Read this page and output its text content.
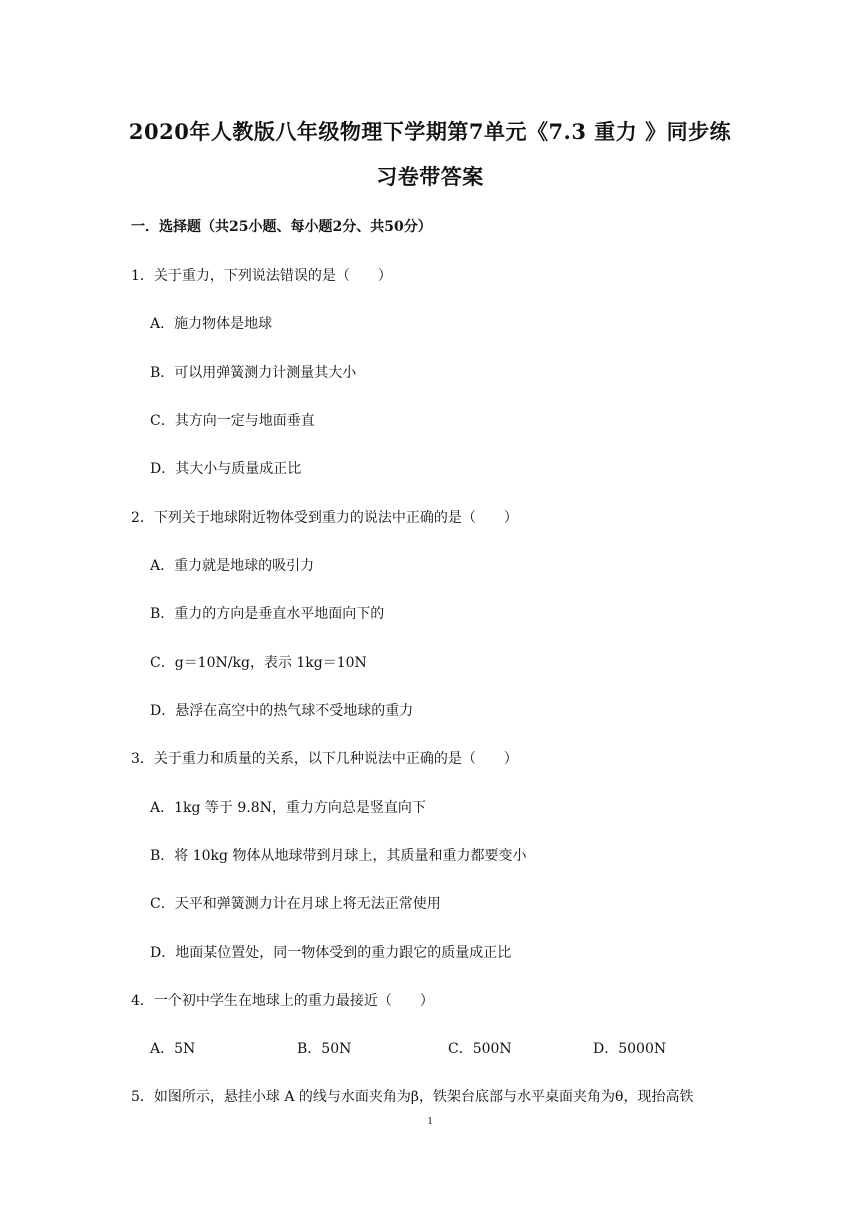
2020年人教版八年级物理下学期第7单元《7.3 重力 》同步练
习卷带答案
一．选择题（共25小题、每小题2分、共50分）
1．关于重力，下列说法错误的是（　　）
A．施力物体是地球
B．可以用弹簧测力计测量其大小
C．其方向一定与地面垂直
D．其大小与质量成正比
2．下列关于地球附近物体受到重力的说法中正确的是（　　）
A．重力就是地球的吸引力
B．重力的方向是垂直水平地面向下的
C．g＝10N/kg，表示 1kg＝10N
D．悬浮在高空中的热气球不受地球的重力
3．关于重力和质量的关系，以下几种说法中正确的是（　　）
A．1kg 等于 9.8N，重力方向总是竖直向下
B．将 10kg 物体从地球带到月球上，其质量和重力都要变小
C．天平和弹簧测力计在月球上将无法正常使用
D．地面某位置处，同一物体受到的重力跟它的质量成正比
4．一个初中学生在地球上的重力最接近（　　）
A．5N	B．50N	C．500N	D．5000N
5．如图所示，悬挂小球 A 的线与水面夹角为β，铁架台底部与水平桌面夹角为θ，现抬高铁
1
